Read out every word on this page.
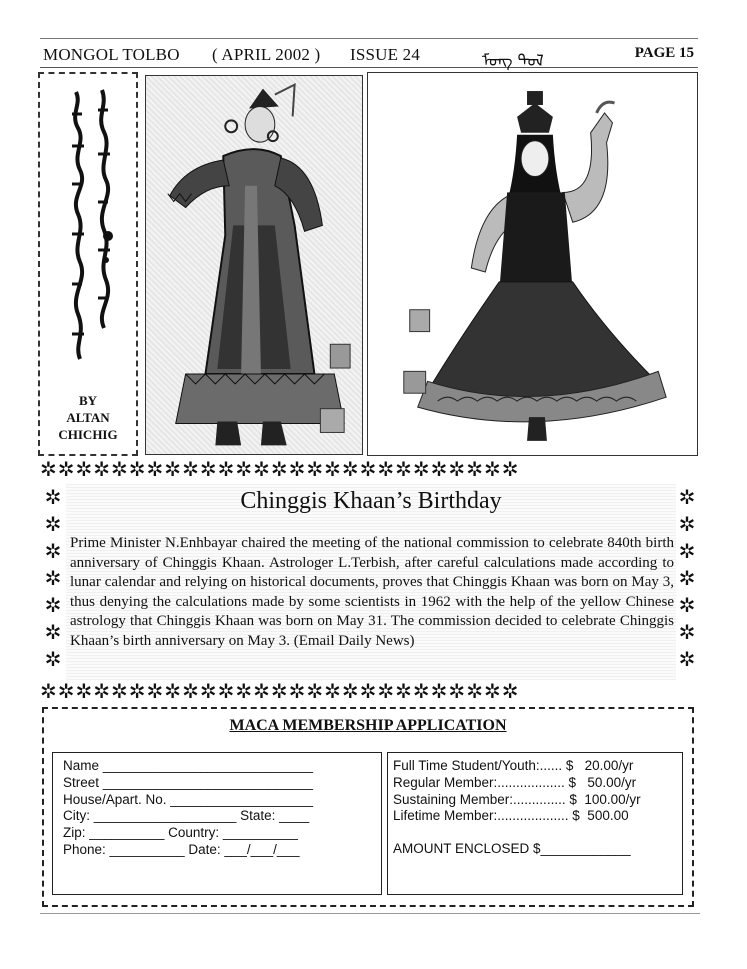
MONGOL TOLBO ( APRIL 2002 ) ISSUE 24	ᠮᠣᠩ ᠲᠣᠯ	PAGE 15
BY
ALTAN
CHICHIG
✲✲✲✲✲✲✲✲✲✲✲✲✲✲✲✲✲✲✲✲✲✲✲✲✲✲✲
✲
✲
✲
✲
✲
✲
✲
✲
✲
✲
✲
✲
✲
✲
Chinggis Khaan’s Birthday
Prime Minister N.Enhbayar chaired the meeting of the national commission to celebrate 840th birth anniversary of Chinggis Khaan. Astrologer L.Terbish, after careful calculations made according to lunar calendar and relying on historical documents, proves that Chinggis Khaan was born on May 3, thus denying the calculations made by some scientists in 1962 with the help of the yellow Chinese astrology that Chinggis Khaan was born on May 31. The commission decided to celebrate Chinggis Khaan’s birth anniversary on May 3. (Email Daily News)
✲✲✲✲✲✲✲✲✲✲✲✲✲✲✲✲✲✲✲✲✲✲✲✲✲✲✲
MACA MEMBERSHIP APPLICATION
Name ____________________________
Street ____________________________
House/Apart. No. ___________________
City: ___________________ State: ____
Zip: __________ Country: __________
Phone: __________ Date: ___/___/___
Full Time Student/Youth:...... $   20.00/yr
Regular Member:.................. $   50.00/yr
Sustaining Member:.............. $  100.00/yr
Lifetime Member:................... $  500.00
AMOUNT ENCLOSED $____________
